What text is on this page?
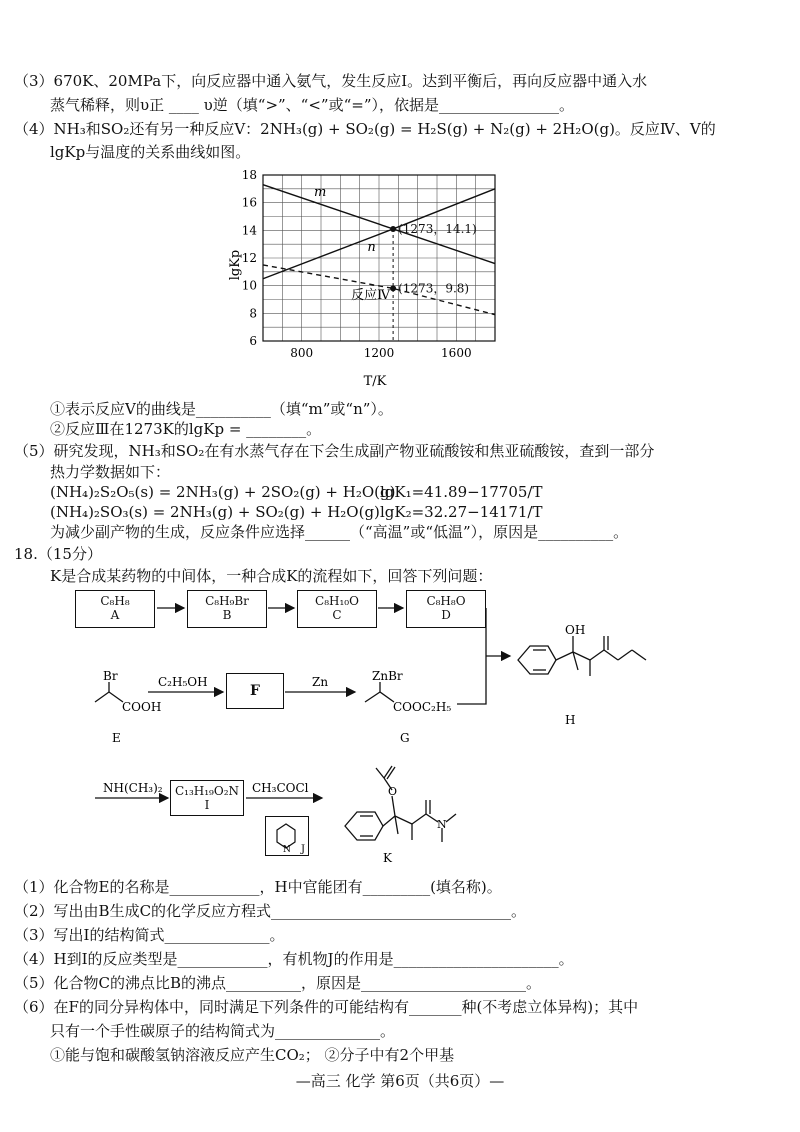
（3）670K、20MPa下，向反应器中通入氨气，发生反应Ⅰ。达到平衡后，再向反应器中通入水
蒸气稀释，则υ正 ____ υ逆（填“>”、“<”或“=”），依据是________________。
（4）NH₃和SO₂还有另一种反应Ⅴ：2NH₃(g) + SO₂(g) = H₂S(g) + N₂(g) + 2H₂O(g)。反应Ⅳ、Ⅴ的
lgKp与温度的关系曲线如图。
m
n
反应Ⅳ
800	1200	1600
6
8
10
12
14
16
18
(1273，14.1)
(1273，9.8)
lgKp
T/K
①表示反应Ⅴ的曲线是__________（填“m”或“n”）。
②反应Ⅲ在1273K的lgKp = ________。
（5）研究发现，NH₃和SO₂在有水蒸气存在下会生成副产物亚硫酸铵和焦亚硫酸铵，查到一部分
热力学数据如下：
(NH₄)₂S₂O₅(s) = 2NH₃(g) + 2SO₂(g) + H₂O(g)
lgK₁=41.89−17705/T
(NH₄)₂SO₃(s) = 2NH₃(g) + SO₂(g) + H₂O(g) lgK₂=32.27−14171/T
为减少副产物的生成，反应条件应选择______（“高温”或“低温”），原因是__________。
18.（15分）
K是合成某药物的中间体，一种合成K的流程如下，回答下列问题：
C₈H₈
A
C₈H₉Br
B
C₈H₁₀O
C
C₈H₈O
D
F
C₁₃H₁₉O₂N
I
Br
COOH
E
C₂H₅OH	Zn	ZnBr
COOC₂H₅
G
OH
H
NH(CH₃)₂	CH₃COCl
N J
O
N
K
（1）化合物E的名称是____________，H中官能团有_________(填名称)。
（2）写出由B生成C的化学反应方程式________________________________。
（3）写出I的结构简式______________。
（4）H到I的反应类型是____________，有机物J的作用是______________________。
（5）化合物C的沸点比B的沸点__________，原因是______________________。
（6）在F的同分异构体中，同时满足下列条件的可能结构有_______种(不考虑立体异构)；其中
只有一个手性碳原子的结构简式为______________。
①能与饱和碳酸氢钠溶液反应产生CO₂； ②分子中有2个甲基
—高三 化学 第6页（共6页）—
